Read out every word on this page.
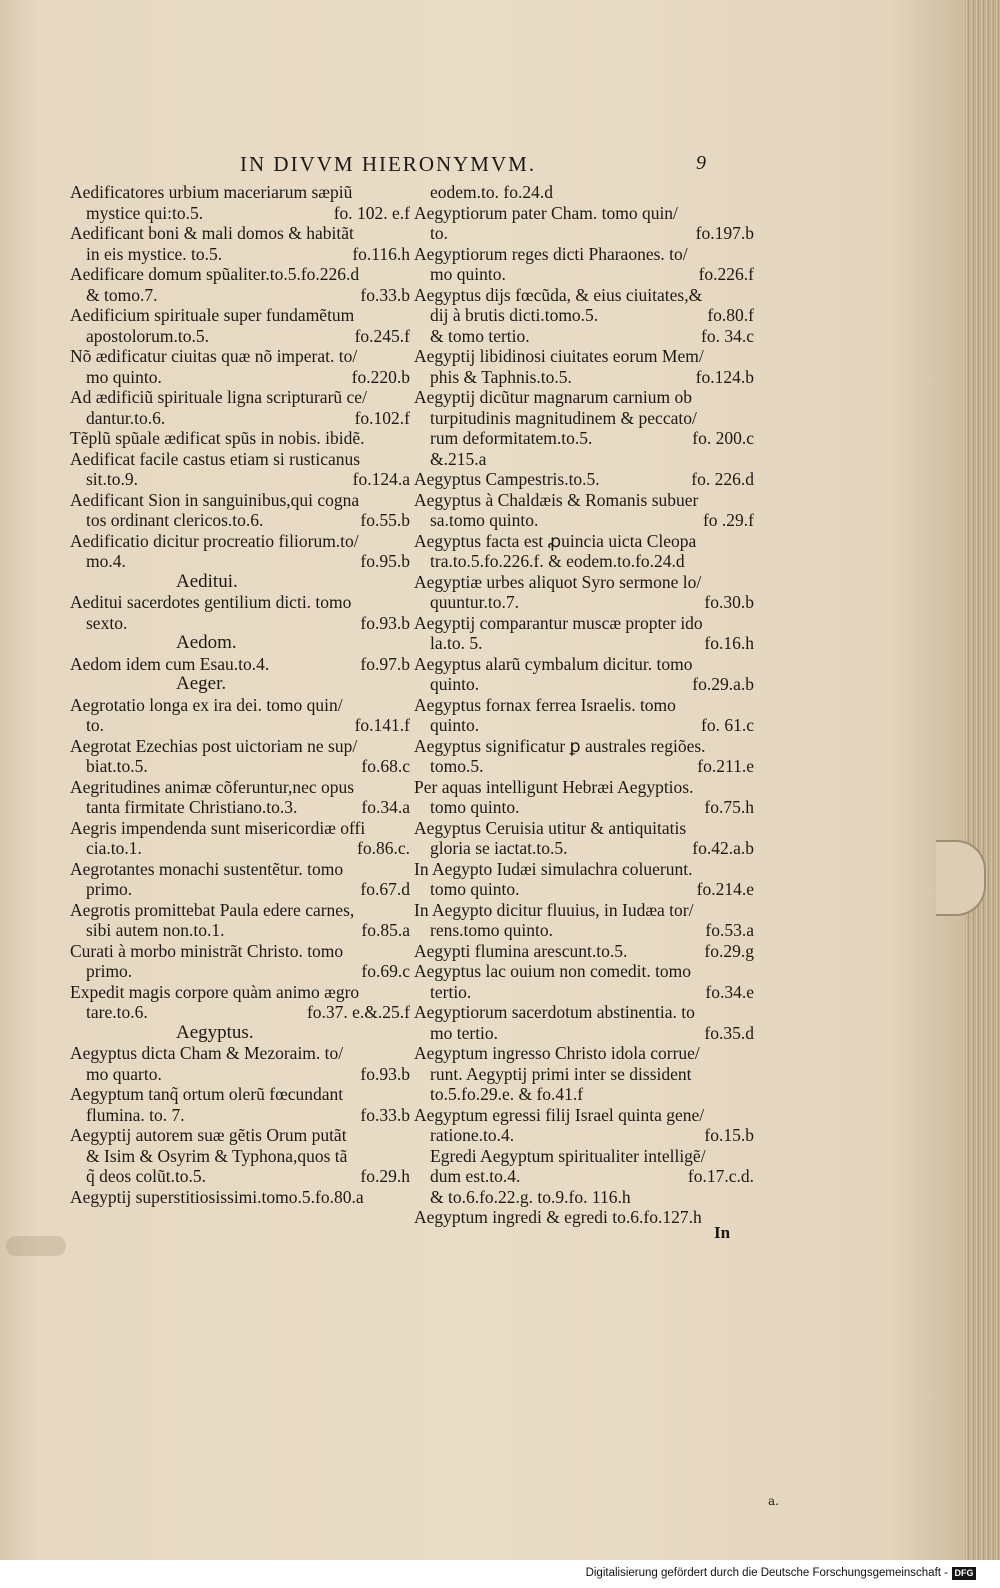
IN DIVVM HIERONYMVM.	9
Aedificatores urbium maceriarum sæpiũ
mystice qui:to.5.	fo. 102. e.f
Aedificant boni & mali domos & habitãt
in eis mystice. to.5.	fo.116.h
Aedificare domum spũaliter.to.5.fo.226.d
& tomo.7.	fo.33.b
Aedificium spirituale super fundamẽtum
apostolorum.to.5.	fo.245.f
Nõ ædificatur ciuitas quæ nõ imperat. to/
mo quinto.	fo.220.b
Ad ædificiũ spirituale ligna scripturarũ ce/
dantur.to.6.	fo.102.f
Tẽplũ spũale ædificat spũs in nobis. ibidẽ.
Aedificat facile castus etiam si rusticanus
sit.to.9.	fo.124.a
Aedificant Sion in sanguinibus,qui cogna
tos ordinant clericos.to.6.	fo.55.b
Aedificatio dicitur procreatio filiorum.to/
mo.4.	fo.95.b
Aeditui.
Aeditui sacerdotes gentilium dicti. tomo
sexto.	fo.93.b
Aedom.
Aedom idem cum Esau.to.4.	fo.97.b
Aeger.
Aegrotatio longa ex ira dei. tomo quin/
to.	fo.141.f
Aegrotat Ezechias post uictoriam ne sup/
biat.to.5.	fo.68.c
Aegritudines animæ cõferuntur,nec opus
tanta firmitate Christiano.to.3.	fo.34.a
Aegris impendenda sunt misericordiæ offi
cia.to.1.	fo.86.c.
Aegrotantes monachi sustentẽtur. tomo
primo.	fo.67.d
Aegrotis promittebat Paula edere carnes,
sibi autem non.to.1.	fo.85.a
Curati à morbo ministrãt Christo. tomo
primo.	fo.69.c
Expedit magis corpore quàm animo ægro
tare.to.6.	fo.37. e.&.25.f
Aegyptus.
Aegyptus dicta Cham & Mezoraim. to/
mo quarto.	fo.93.b
Aegyptum tanq̃ ortum olerũ fœcundant
flumina. to. 7.	fo.33.b
Aegyptij autorem suæ gẽtis Orum putãt
& Isim & Osyrim & Typhona,quos tã
q̃ deos colũt.to.5.	fo.29.h
Aegyptij superstitiosissimi.tomo.5.fo.80.a
eodem.to. fo.24.d
Aegyptiorum pater Cham. tomo quin/
to.	fo.197.b
Aegyptiorum reges dicti Pharaones. to/
mo quinto.	fo.226.f
Aegyptus dijs fœcũda, & eius ciuitates,&
dij à brutis dicti.tomo.5.	fo.80.f
& tomo tertio.	fo. 34.c
Aegyptij libidinosi ciuitates eorum Mem/
phis & Taphnis.to.5.	fo.124.b
Aegyptij dicũtur magnarum carnium ob
turpitudinis magnitudinem & peccato/
rum deformitatem.to.5.	fo. 200.c
&.215.a
Aegyptus Campestris.to.5.	fo. 226.d
Aegyptus à Chaldæis & Romanis subuer
sa.tomo quinto.	fo .29.f
Aegyptus facta est ꝓuincia uicta Cleopa
tra.to.5.fo.226.f. & eodem.to.fo.24.d
Aegyptiæ urbes aliquot Syro sermone lo/
quuntur.to.7.	fo.30.b
Aegyptij comparantur muscæ propter ido
la.to. 5.	fo.16.h
Aegyptus alarũ cymbalum dicitur. tomo
quinto.	fo.29.a.b
Aegyptus fornax ferrea Israelis. tomo
quinto.	fo. 61.c
Aegyptus significatur ꝑ australes regiões.
tomo.5.	fo.211.e
Per aquas intelligunt Hebræi Aegyptios.
tomo quinto.	fo.75.h
Aegyptus Ceruisia utitur & antiquitatis
gloria se iactat.to.5.	fo.42.a.b
In Aegypto Iudæi simulachra coluerunt.
tomo quinto.	fo.214.e
In Aegypto dicitur fluuius, in Iudæa tor/
rens.tomo quinto.	fo.53.a
Aegypti flumina arescunt.to.5.	fo.29.g
Aegyptus lac ouium non comedit. tomo
tertio.	fo.34.e
Aegyptiorum sacerdotum abstinentia. to
mo tertio.	fo.35.d
Aegyptum ingresso Christo idola corrue/
runt. Aegyptij primi inter se dissident
to.5.fo.29.e. & fo.41.f
Aegyptum egressi filij Israel quinta gene/
ratione.to.4.	fo.15.b
Egredi Aegyptum spiritualiter intelligẽ/
dum est.to.4.	fo.17.c.d.
& to.6.fo.22.g. to.9.fo. 116.h
Aegyptum ingredi & egredi to.6.fo.127.h
In
a.
Digitalisierung gefördert durch die Deutsche Forschungsgemeinschaft - DFG
